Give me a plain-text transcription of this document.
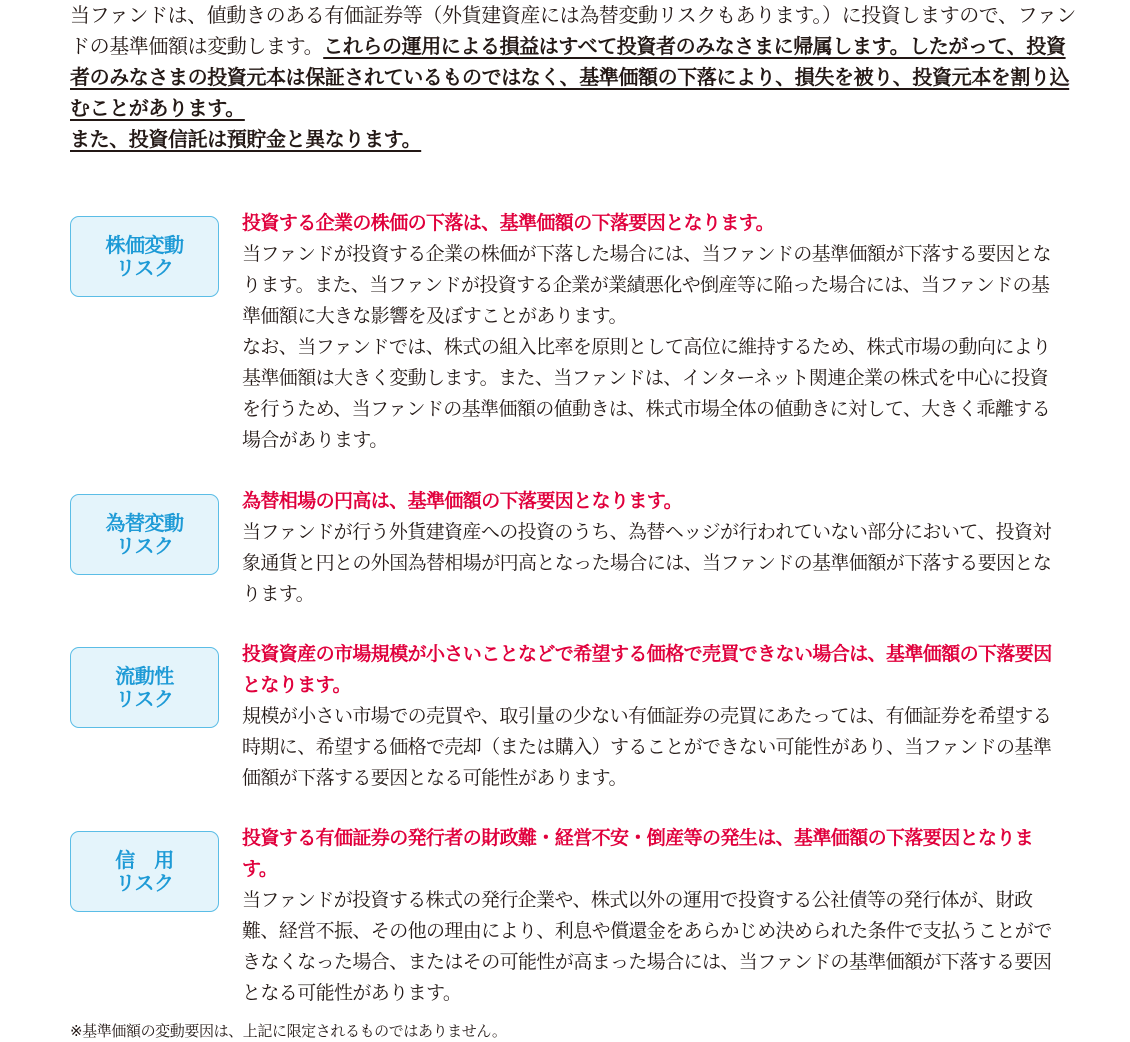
当ファンドは、値動きのある有価証券等（外貨建資産には為替変動リスクもあります。）に投資しますので、ファンドの基準価額は変動します。これらの運用による損益はすべて投資者のみなさまに帰属します。したがって、投資者のみなさまの投資元本は保証されているものではなく、基準価額の下落により、損失を被り、投資元本を割り込むことがあります。
また、投資信託は預貯金と異なります。
株価変動
リスク
投資する企業の株価の下落は、基準価額の下落要因となります。

当ファンドが投資する企業の株価が下落した場合には、当ファンドの基準価額が下落する要因となります。また、当ファンドが投資する企業が業績悪化や倒産等に陥った場合には、当ファンドの基準価額に大きな影響を及ぼすことがあります。

なお、当ファンドでは、株式の組入比率を原則として高位に維持するため、株式市場の動向により基準価額は大きく変動します。また、当ファンドは、インターネット関連企業の株式を中心に投資を行うため、当ファンドの基準価額の値動きは、株式市場全体の値動きに対して、大きく乖離する場合があります。

為替変動
リスク
為替相場の円高は、基準価額の下落要因となります。

当ファンドが行う外貨建資産への投資のうち、為替ヘッジが行われていない部分において、投資対象通貨と円との外国為替相場が円高となった場合には、当ファンドの基準価額が下落する要因となります。

流動性
リスク
投資資産の市場規模が小さいことなどで希望する価格で売買できない場合は、基準価額の下落要因となります。

規模が小さい市場での売買や、取引量の少ない有価証券の売買にあたっては、有価証券を希望する時期に、希望する価格で売却（または購入）することができない可能性があり、当ファンドの基準価額が下落する要因となる可能性があります。

信　用
リスク
投資する有価証券の発行者の財政難・経営不安・倒産等の発生は、基準価額の下落要因となります。

当ファンドが投資する株式の発行企業や、株式以外の運用で投資する公社債等の発行体が、財政難、経営不振、その他の理由により、利息や償還金をあらかじめ決められた条件で支払うことができなくなった場合、またはその可能性が高まった場合には、当ファンドの基準価額が下落する要因となる可能性があります。

※基準価額の変動要因は、上記に限定されるものではありません。
